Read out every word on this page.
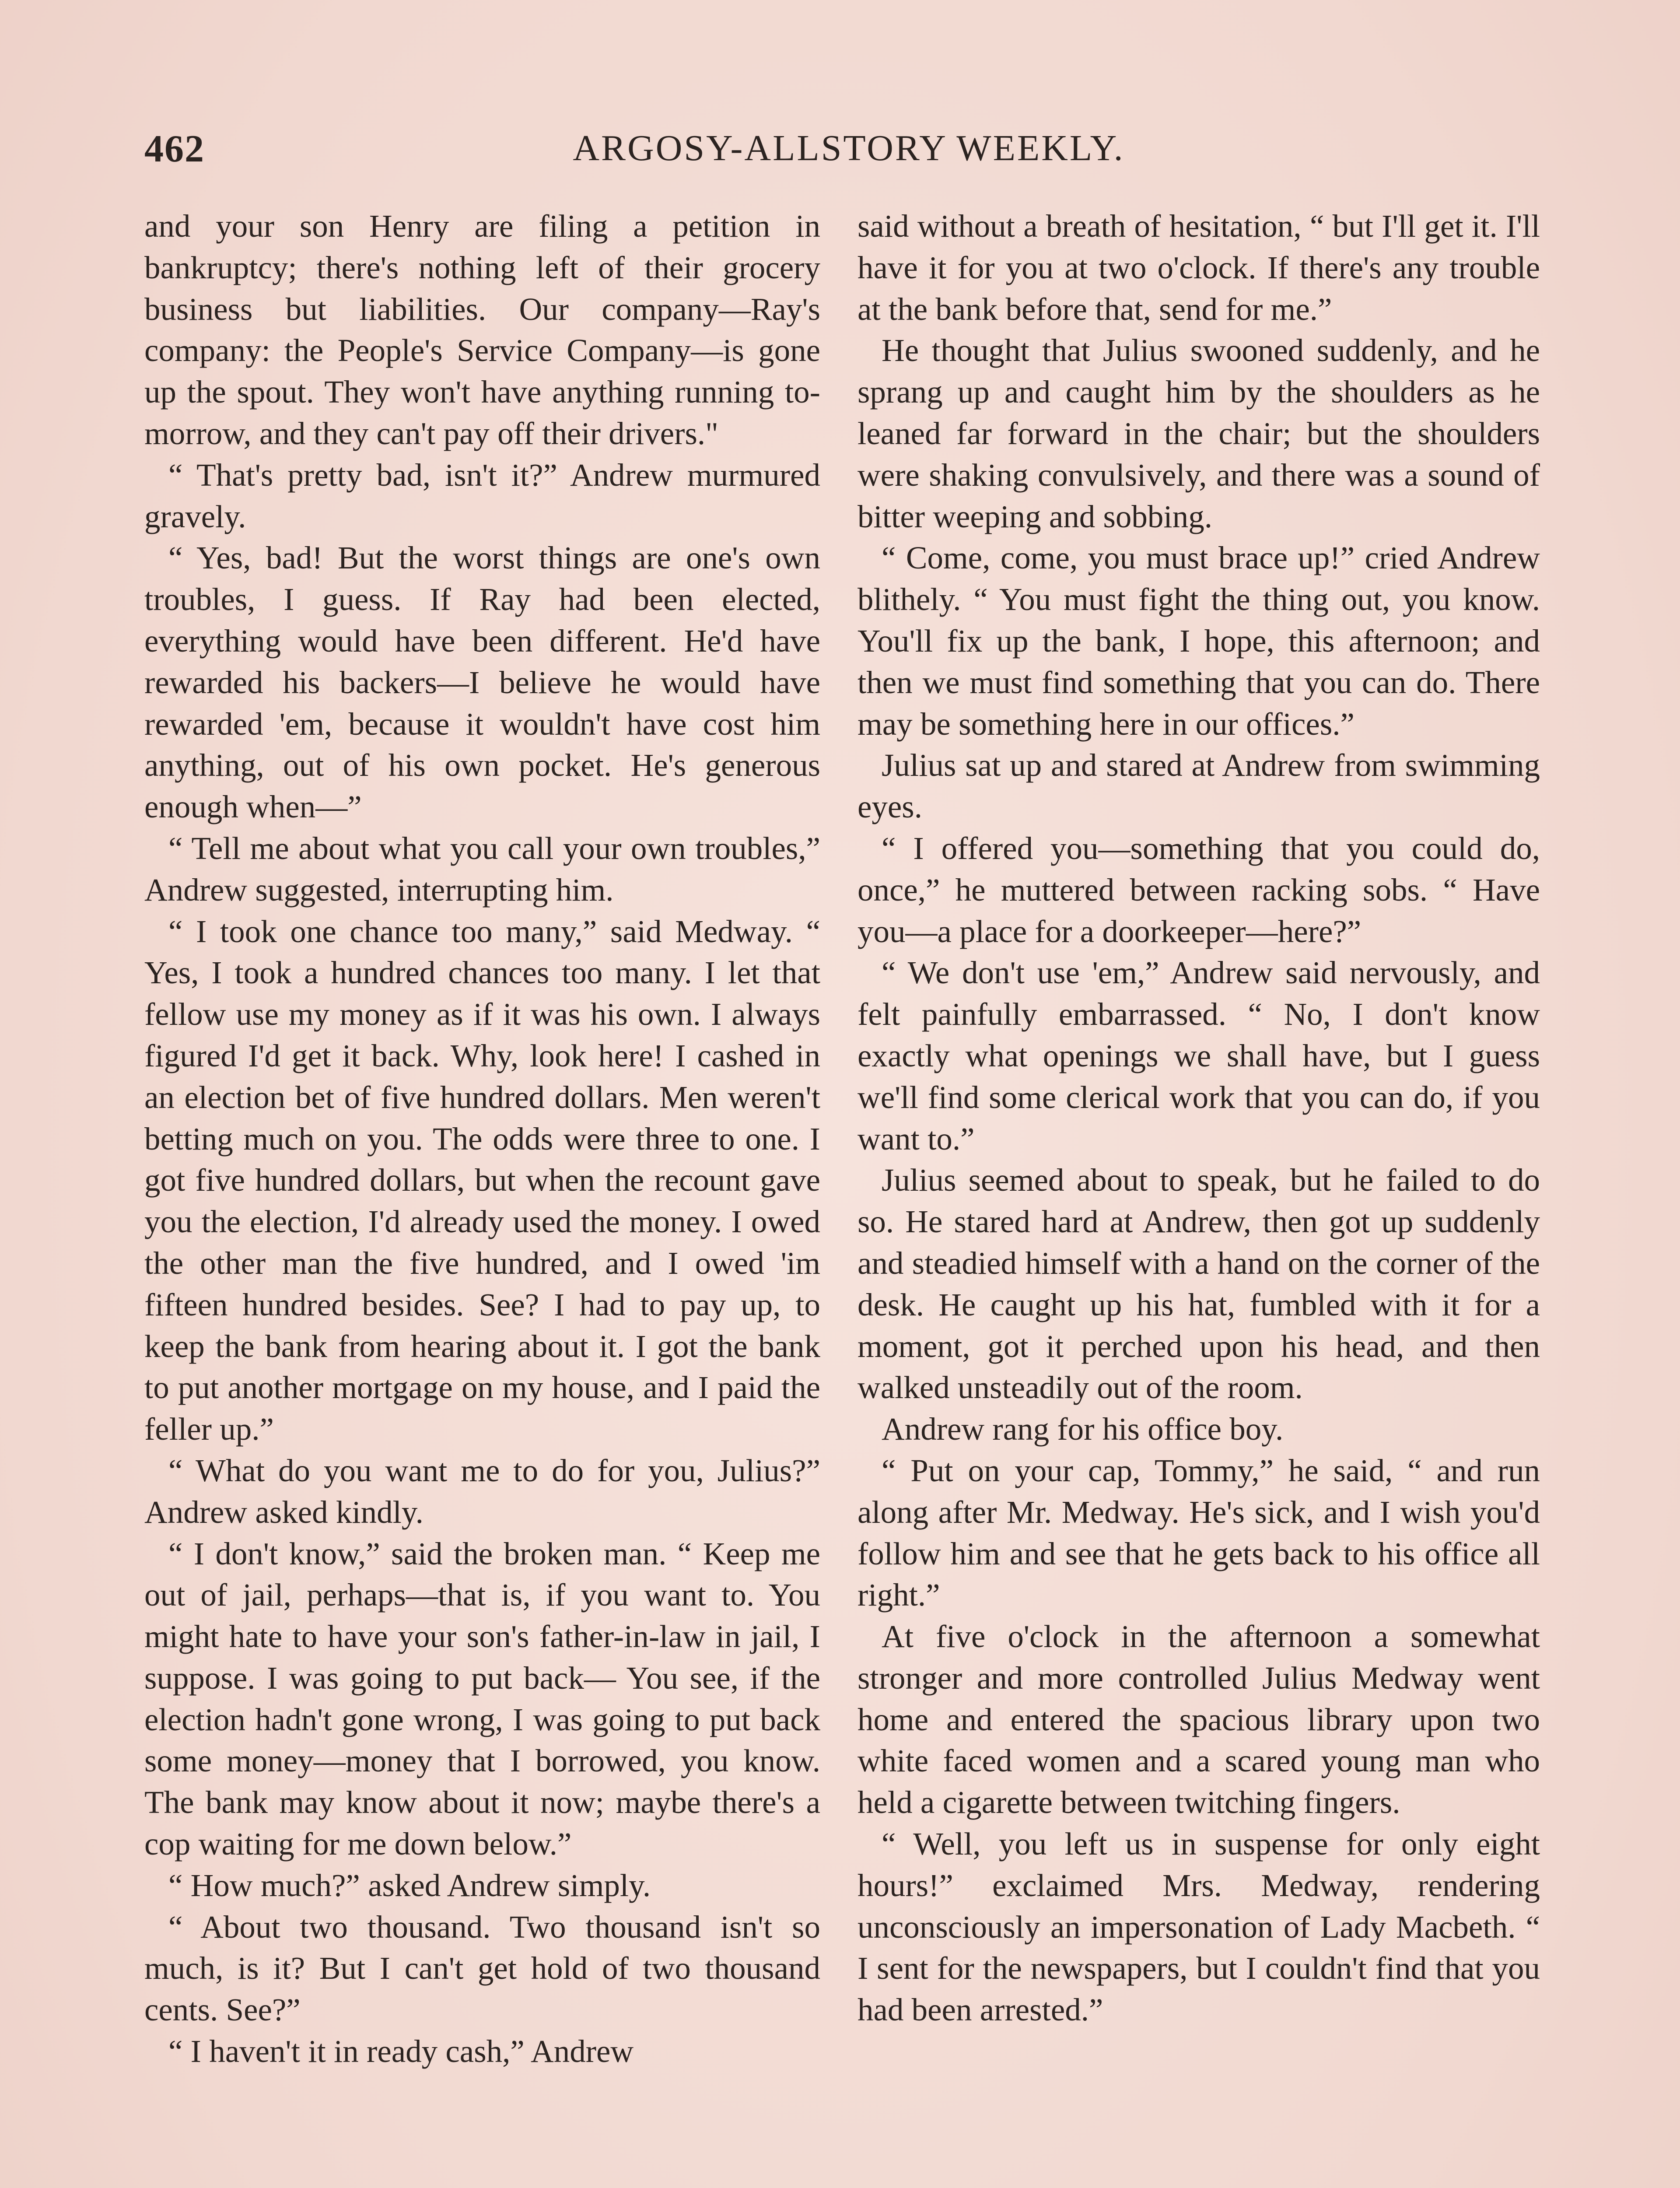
462	ARGOSY-ALLSTORY WEEKLY.

and your son Henry are filing a petition in bankruptcy; there's nothing left of their grocery business but liabilities. Our company—Ray's company: the People's Service Company—is gone up the spout. They won't have anything running to-morrow, and they can't pay off their drivers."

“ That's pretty bad, isn't it?” Andrew murmured gravely.

“ Yes, bad! But the worst things are one's own troubles, I guess. If Ray had been elected, everything would have been different. He'd have rewarded his backers—I believe he would have rewarded 'em, because it wouldn't have cost him anything, out of his own pocket. He's generous enough when—”

“ Tell me about what you call your own troubles,” Andrew suggested, interrupting him.

“ I took one chance too many,” said Medway. “ Yes, I took a hundred chances too many. I let that fellow use my money as if it was his own. I always figured I'd get it back. Why, look here! I cashed in an election bet of five hundred dollars. Men weren't betting much on you. The odds were three to one. I got five hundred dollars, but when the recount gave you the election, I'd already used the money. I owed the other man the five hundred, and I owed 'im fifteen hundred besides. See? I had to pay up, to keep the bank from hearing about it. I got the bank to put another mortgage on my house, and I paid the feller up.”

“ What do you want me to do for you, Julius?” Andrew asked kindly.

“ I don't know,” said the broken man. “ Keep me out of jail, perhaps—that is, if you want to. You might hate to have your son's father-in-law in jail, I suppose. I was going to put back— You see, if the election hadn't gone wrong, I was going to put back some money—money that I borrowed, you know. The bank may know about it now; maybe there's a cop waiting for me down below.”

“ How much?” asked Andrew simply.

“ About two thousand. Two thousand isn't so much, is it? But I can't get hold of two thousand cents. See?”

“ I haven't it in ready cash,” Andrew

said without a breath of hesitation, “ but I'll get it. I'll have it for you at two o'clock. If there's any trouble at the bank before that, send for me.”

He thought that Julius swooned suddenly, and he sprang up and caught him by the shoulders as he leaned far forward in the chair; but the shoulders were shaking convulsively, and there was a sound of bitter weeping and sobbing.

“ Come, come, you must brace up!” cried Andrew blithely. “ You must fight the thing out, you know. You'll fix up the bank, I hope, this afternoon; and then we must find something that you can do. There may be something here in our offices.”

Julius sat up and stared at Andrew from swimming eyes.

“ I offered you—something that you could do, once,” he muttered between racking sobs. “ Have you—a place for a doorkeeper—here?”

“ We don't use 'em,” Andrew said nervously, and felt painfully embarrassed. “ No, I don't know exactly what openings we shall have, but I guess we'll find some clerical work that you can do, if you want to.”

Julius seemed about to speak, but he failed to do so. He stared hard at Andrew, then got up suddenly and steadied himself with a hand on the corner of the desk. He caught up his hat, fumbled with it for a moment, got it perched upon his head, and then walked unsteadily out of the room.

Andrew rang for his office boy.

“ Put on your cap, Tommy,” he said, “ and run along after Mr. Medway. He's sick, and I wish you'd follow him and see that he gets back to his office all right.”

At five o'clock in the afternoon a somewhat stronger and more controlled Julius Medway went home and entered the spacious library upon two white faced women and a scared young man who held a cigarette between twitching fingers.

“ Well, you left us in suspense for only eight hours!” exclaimed Mrs. Medway, rendering unconsciously an impersonation of Lady Macbeth. “ I sent for the newspapers, but I couldn't find that you had been arrested.”
